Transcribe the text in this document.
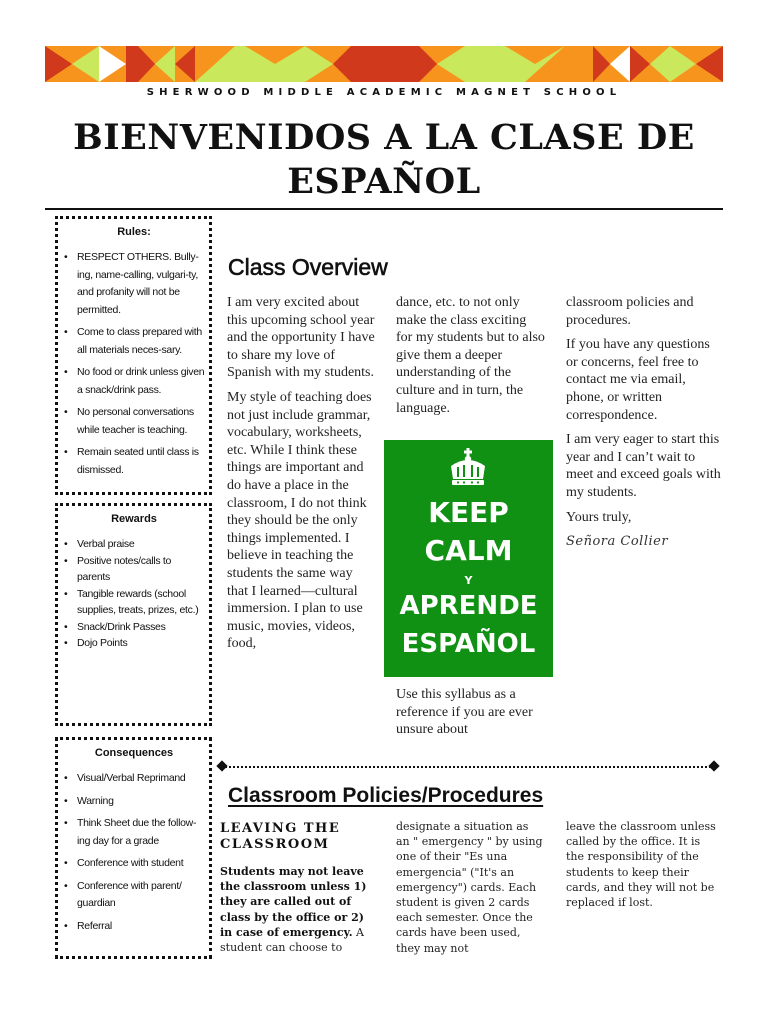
SHERWOOD MIDDLE ACADEMIC MAGNET SCHOOL
BIENVENIDOS A LA CLASE DE
ESPAÑOL
Rules:
• RESPECT OTHERS. Bully-ing, name-calling, vulgari-ty, and profanity will not be permitted.
• Come to class prepared with all materials neces-sary.
• No food or drink unless given a snack/drink pass.
• No personal conversations while teacher is teaching.
• Remain seated until class is dismissed.
Rewards
• Verbal praise
• Positive notes/calls to parents
• Tangible rewards (school supplies, treats, prizes, etc.)
• Snack/Drink Passes
• Dojo Points
Consequences
• Visual/Verbal Reprimand
• Warning
• Think Sheet due the follow-ing day for a grade
• Conference with student
• Conference with parent/ guardian
• Referral
Class Overview

I am very excited about this upcoming school year and the opportunity I have to share my love of Spanish with my students.

My style of teaching does not just include grammar, vocabulary, worksheets, etc. While I think these things are important and do have a place in the classroom, I do not think they should be the only things implemented. I believe in teaching the students the same way that I learned—cultural immersion. I plan to use music, movies, videos, food,

dance, etc. to not only make the class exciting for my students but to also give them a deeper understanding of the culture and in turn, the language.

KEEP
CALM
Y
APRENDE
ESPAÑOL

Use this syllabus as a reference if you are ever unsure about

classroom policies and procedures.

If you have any questions or concerns, feel free to contact me via email, phone, or written correspondence.

I am very eager to start this year and I can’t wait to meet and exceed goals with my students.

Yours truly,

Señora Collier

Classroom Policies/Procedures
LEAVING THE CLASSROOM
Students may not leave the classroom unless 1) they are called out of class by the office or 2) in case of emergency. A student can choose to
designate a situation as an " emergency " by using one of their "Es una emergencia" ("It's an emergency") cards. Each student is given 2 cards each semester. Once the cards have been used, they may not
leave the classroom unless called by the office. It is the responsibility of the students to keep their cards, and they will not be replaced if lost.
